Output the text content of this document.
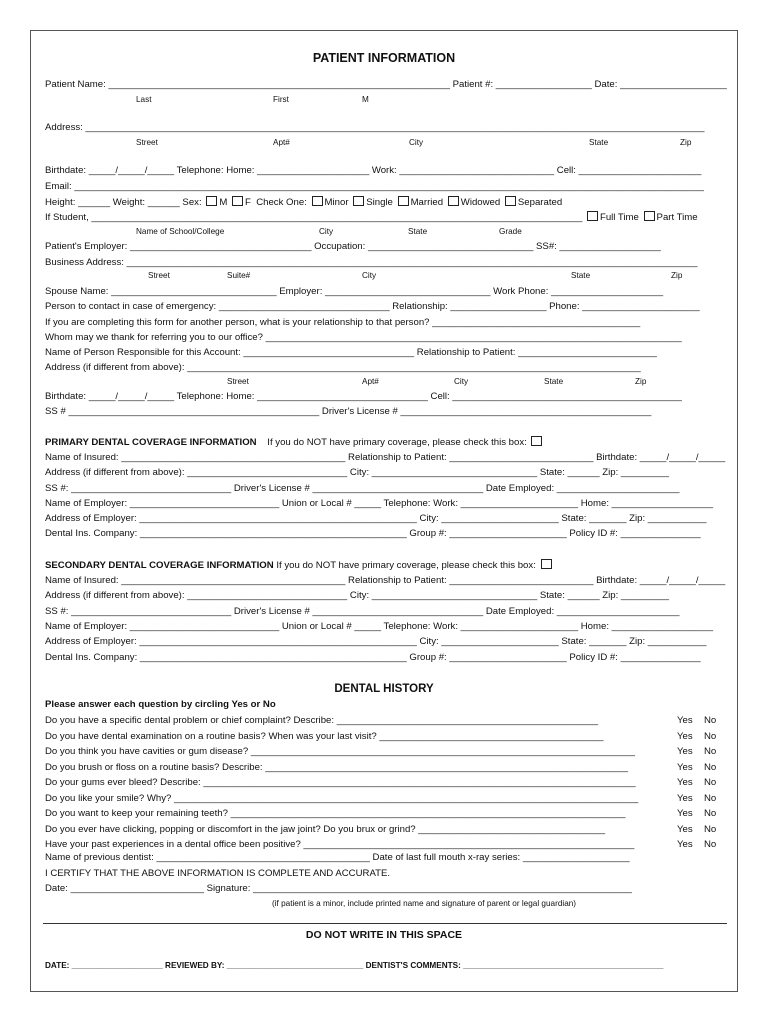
PATIENT INFORMATION
Patient Name: ________________________________________________________________ Patient #: __________________ Date: ____________________
Last	First	M
Address: ____________________________________________________________________________________________________________________
Street	Apt#	City	State	Zip
Birthdate: _____/_____/_____ Telephone: Home: _____________________ Work: _____________________________ Cell: _______________________
Email: ______________________________________________________________________________________________________________________
Height: ______ Weight: ______ Sex: M F Check One: Minor Single Married Widowed Separated
If Student, ____________________________________________________________________________________________ Full Time Part Time
Name of School/College	City	State	Grade
Patient's Employer: __________________________________ Occupation: _______________________________ SS#: ___________________
Business Address: ___________________________________________________________________________________________________________
Street	Suite#	City	State	Zip
Spouse Name: _______________________________ Employer: _______________________________ Work Phone: _____________________
Person to contact in case of emergency: ________________________________ Relationship: __________________ Phone: ______________________
If you are completing this form for another person, what is your relationship to that person? _______________________________________
Whom may we thank for referring you to our office? ______________________________________________________________________________
Name of Person Responsible for this Account: ________________________________ Relationship to Patient: __________________________
Address (if different from above): _____________________________________________________________________________________
Street	Apt#	City	State	Zip
Birthdate: _____/_____/_____ Telephone: Home: ________________________________ Cell: ___________________________________________
SS # _______________________________________________ Driver's License # _______________________________________________
PRIMARY DENTAL COVERAGE INFORMATION If you do NOT have primary coverage, please check this box:
Name of Insured: __________________________________________ Relationship to Patient: ___________________________ Birthdate: _____/_____/_____
Address (if different from above): ______________________________ City: _______________________________ State: ______ Zip: _________
SS #: ______________________________ Driver's License # ________________________________ Date Employed: _______________________
Name of Employer: ____________________________ Union or Local # _____ Telephone: Work: ______________________ Home: ___________________
Address of Employer: ____________________________________________________ City: ______________________ State: _______ Zip: ___________
Dental Ins. Company: __________________________________________________ Group #: ______________________ Policy ID #: _______________
SECONDARY DENTAL COVERAGE INFORMATION If you do NOT have primary coverage, please check this box:
Name of Insured: __________________________________________ Relationship to Patient: ___________________________ Birthdate: _____/_____/_____
Address (if different from above): ______________________________ City: _______________________________ State: ______ Zip: _________
SS #: ______________________________ Driver's License # ________________________________ Date Employed: _______________________
Name of Employer: ____________________________ Union or Local # _____ Telephone: Work: ______________________ Home: ___________________
Address of Employer: ____________________________________________________ City: ______________________ State: _______ Zip: ___________
Dental Ins. Company: __________________________________________________ Group #: ______________________ Policy ID #: _______________
DENTAL HISTORY
Please answer each question by circling Yes or No
Do you have a specific dental problem or chief complaint? Describe: _________________________________________________	Yes No
Do you have dental examination on a routine basis? When was your last visit? __________________________________________	Yes No
Do you think you have cavities or gum disease? ________________________________________________________________________	Yes No
Do you brush or floss on a routine basis? Describe: ____________________________________________________________________	Yes No
Do your gums ever bleed? Describe: _________________________________________________________________________________	Yes No
Do you like your smile? Why? _______________________________________________________________________________________	Yes No
Do you want to keep your remaining teeth? __________________________________________________________________________	Yes No
Do you ever have clicking, popping or discomfort in the jaw joint? Do you brux or grind? ___________________________________	Yes No
Have your past experiences in a dental office been positive? ______________________________________________________________	Yes No
Name of previous dentist: ________________________________________ Date of last full mouth x-ray series: ____________________
I CERTIFY THAT THE ABOVE INFORMATION IS COMPLETE AND ACCURATE.
Date: _________________________ Signature: _______________________________________________________________________
(if patient is a minor, include printed name and signature of parent or legal guardian)
DO NOT WRITE IN THIS SPACE
DATE: ____________________ REVIEWED BY: ______________________________ DENTIST'S COMMENTS: ____________________________________________
